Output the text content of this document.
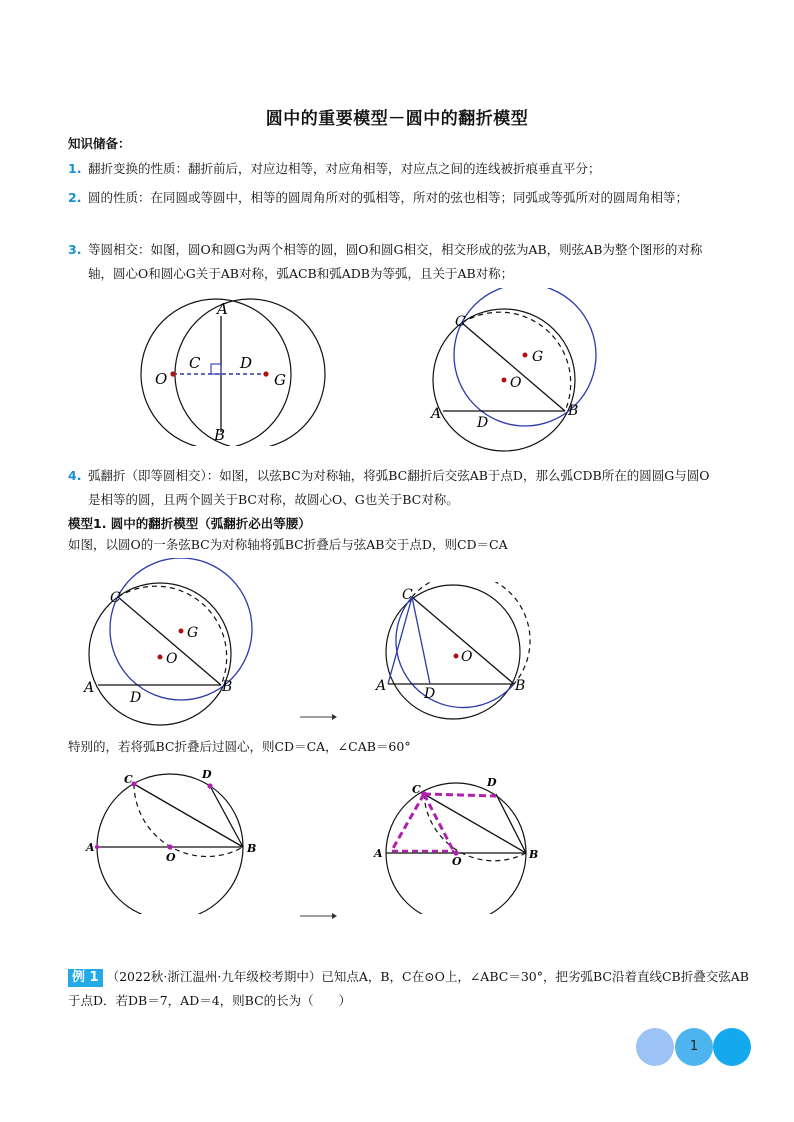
圆中的重要模型－圆中的翻折模型
知识储备：
1. 翻折变换的性质：翻折前后，对应边相等，对应角相等，对应点之间的连线被折痕垂直平分；
2. 圆的性质：在同圆或等圆中，相等的圆周角所对的弧相等，所对的弦也相等；同弧或等弧所对的圆周角相等；
3. 等圆相交：如图，圆O和圆G为两个相等的圆，圆O和圆G相交，相交形成的弦为AB，则弦AB为整个图形的对称轴，圆心O和圆心G关于AB对称，弧ACB和弧ADB为等弧，且关于AB对称；
A
B
C	D
O	G
C
G
O
A
D
B
4. 弧翻折（即等圆相交）：如图，以弦BC为对称轴，将弧BC翻折后交弦AB于点D，那么弧CDB所在的圆圆G与圆O是相等的圆，且两个圆关于BC对称，故圆心O、G也关于BC对称。
模型1. 圆中的翻折模型（弧翻折必出等腰）
如图，以圆O的一条弦BC为对称轴将弧BC折叠后与弦AB交于点D，则CD＝CA
C
G
O
A
D
B
C
O
A	D	B
特别的，若将弧BC折叠后过圆心，则CD＝CA，∠CAB＝60°
C	D
A
O
B
C
D
A
O
B
例 1 （2022秋·浙江温州·九年级校考期中）已知点A，B，C在⊙O上，∠ABC＝30°，把劣弧BC沿着直线CB折叠交弦AB于点D．若DB＝7，AD＝4，则BC的长为（　　）
1
